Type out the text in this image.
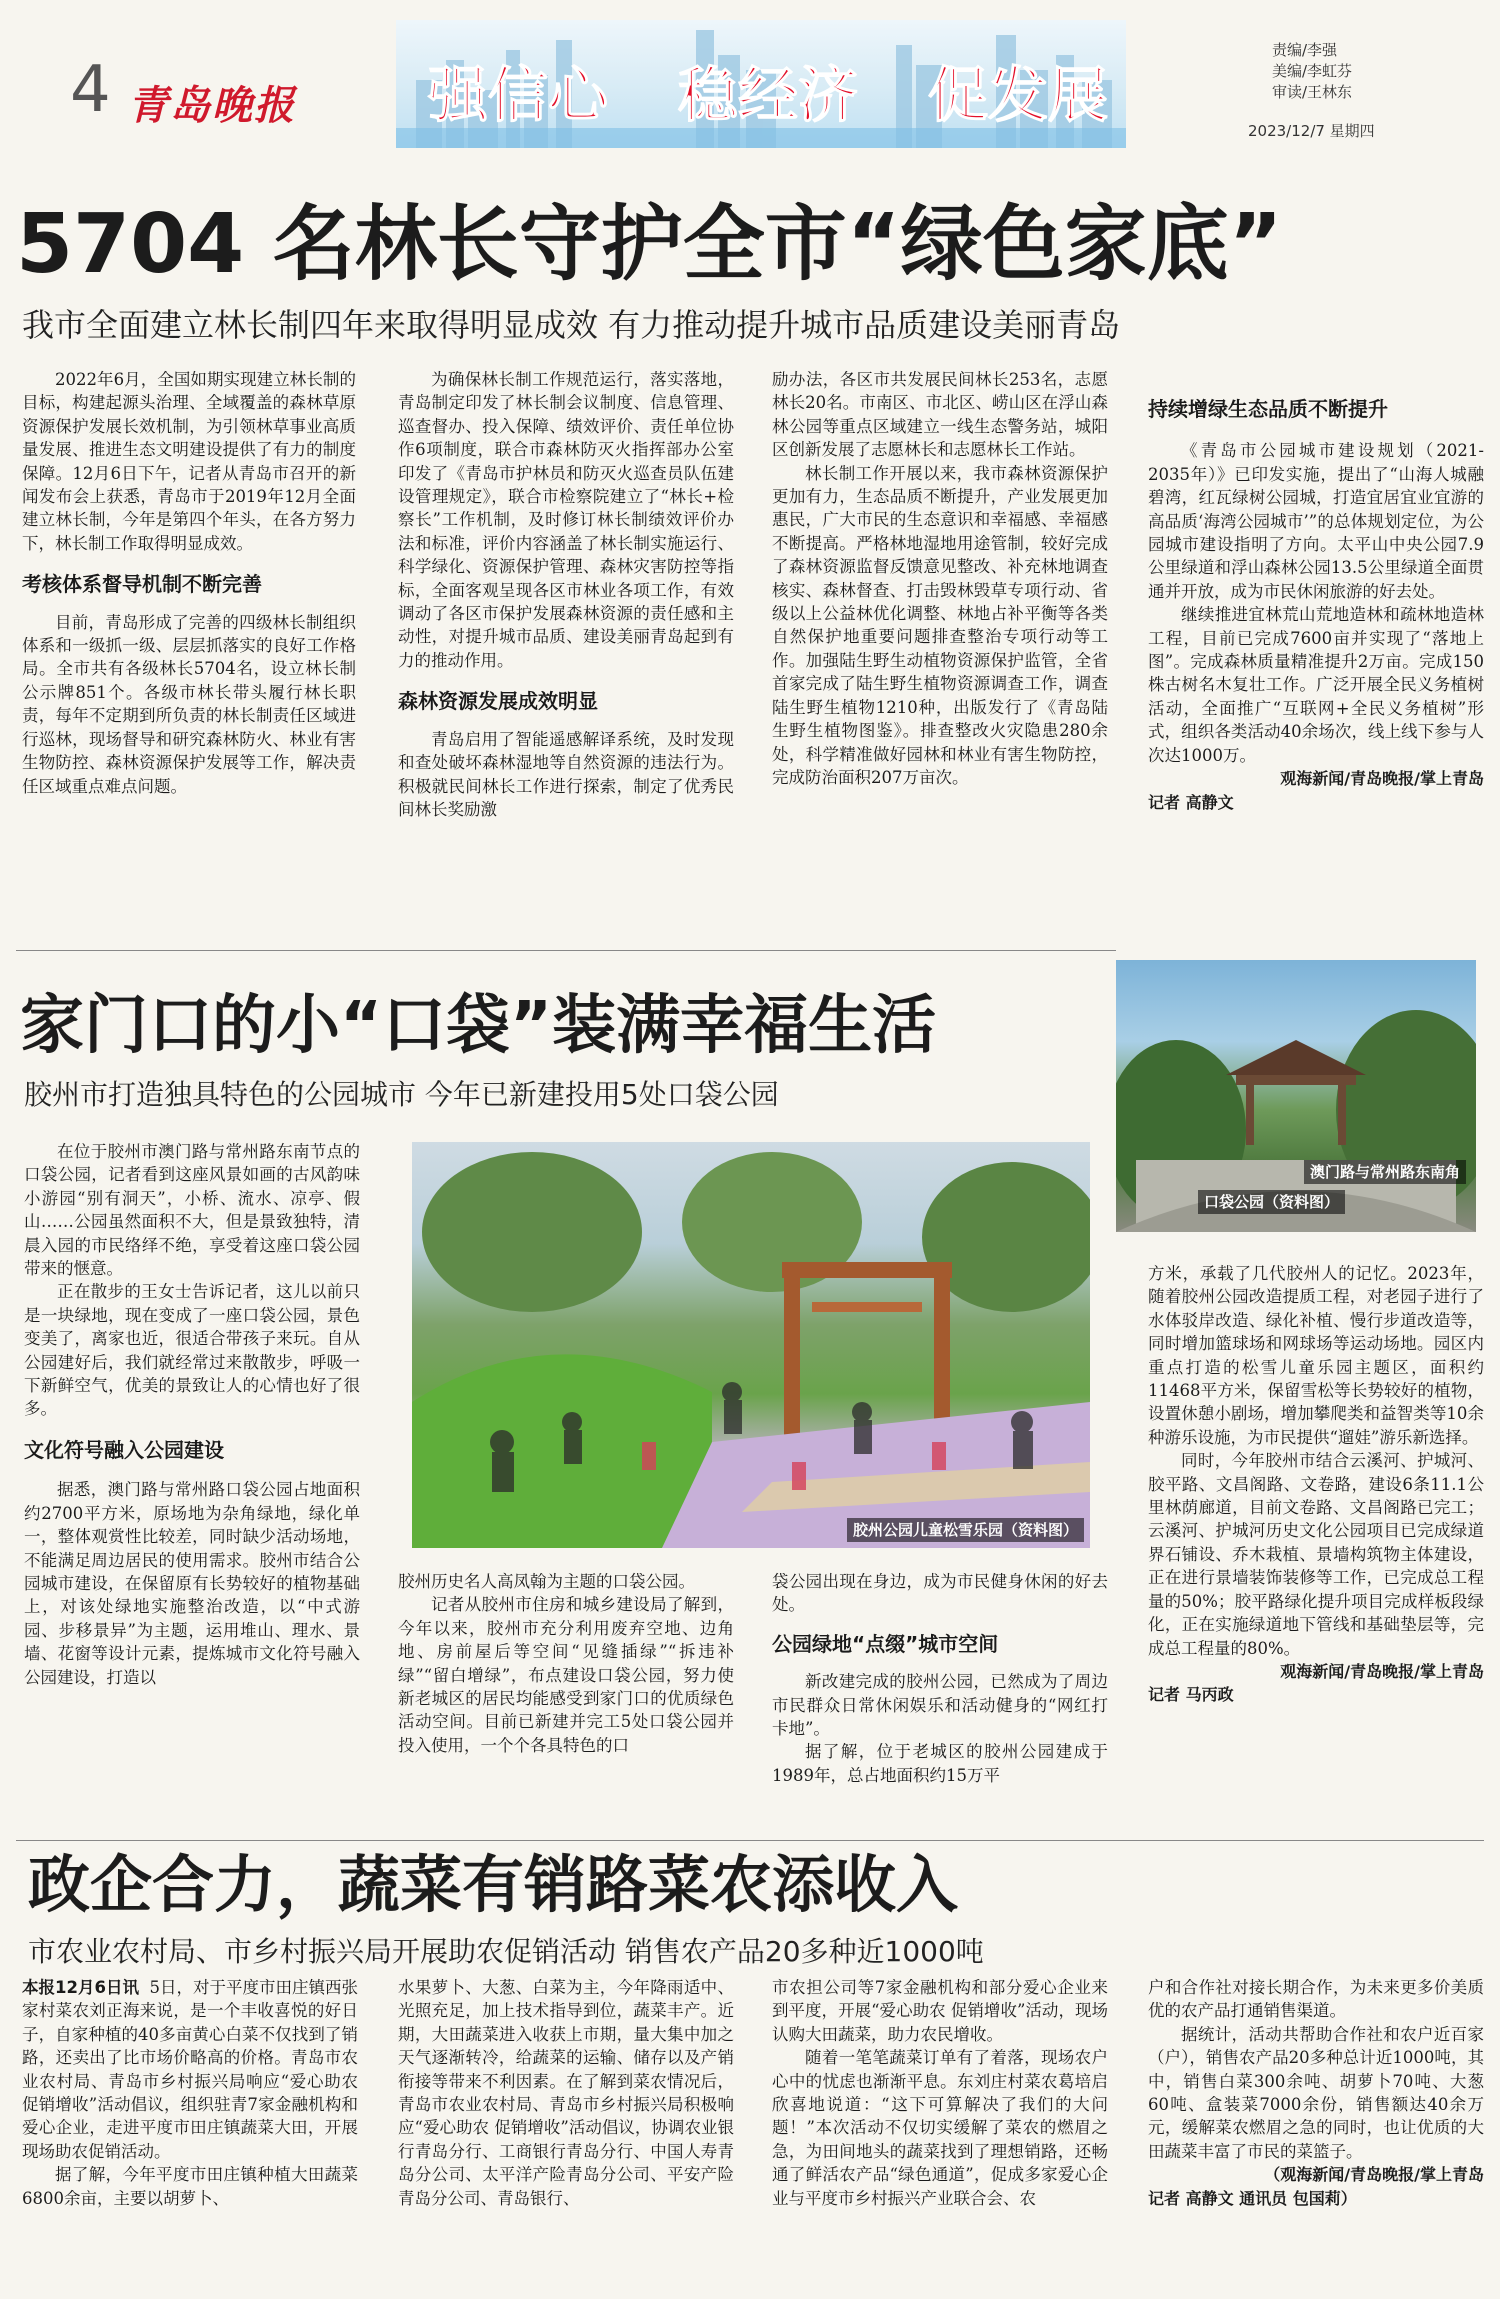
4 青岛晚报 强信心 稳经济 促发展
责编/李强
美编/李虹芬
审读/王林东
2023/12/7 星期四
5704 名林长守护全市“绿色家底”
我市全面建立林长制四年来取得明显成效 有力推动提升城市品质建设美丽青岛

2022年6月，全国如期实现建立林长制的目标，构建起源头治理、全域覆盖的森林草原资源保护发展长效机制，为引领林草事业高质量发展、推进生态文明建设提供了有力的制度保障。12月6日下午，记者从青岛市召开的新闻发布会上获悉，青岛市于2019年12月全面建立林长制，今年是第四个年头，在各方努力下，林长制工作取得明显成效。

考核体系督导机制不断完善

目前，青岛形成了完善的四级林长制组织体系和一级抓一级、层层抓落实的良好工作格局。全市共有各级林长5704名，设立林长制公示牌851个。各级市林长带头履行林长职责，每年不定期到所负责的林长制责任区域进行巡林，现场督导和研究森林防火、林业有害生物防控、森林资源保护发展等工作，解决责任区域重点难点问题。

为确保林长制工作规范运行，落实落地，青岛制定印发了林长制会议制度、信息管理、巡查督办、投入保障、绩效评价、责任单位协作6项制度，联合市森林防灭火指挥部办公室印发了《青岛市护林员和防灭火巡查员队伍建设管理规定》，联合市检察院建立了“林长+检察长”工作机制，及时修订林长制绩效评价办法和标准，评价内容涵盖了林长制实施运行、科学绿化、资源保护管理、森林灾害防控等指标，全面客观呈现各区市林业各项工作，有效调动了各区市保护发展森林资源的责任感和主动性，对提升城市品质、建设美丽青岛起到有力的推动作用。

森林资源发展成效明显

青岛启用了智能遥感解译系统，及时发现和查处破坏森林湿地等自然资源的违法行为。积极就民间林长工作进行探索，制定了优秀民间林长奖励激

励办法，各区市共发展民间林长253名，志愿林长20名。市南区、市北区、崂山区在浮山森林公园等重点区域建立一线生态警务站，城阳区创新发展了志愿林长和志愿林长工作站。

林长制工作开展以来，我市森林资源保护更加有力，生态品质不断提升，产业发展更加惠民，广大市民的生态意识和幸福感、幸福感不断提高。严格林地湿地用途管制，较好完成了森林资源监督反馈意见整改、补充林地调查核实、森林督查、打击毁林毁草专项行动、省级以上公益林优化调整、林地占补平衡等各类自然保护地重要问题排查整治专项行动等工作。加强陆生野生动植物资源保护监管，全省首家完成了陆生野生植物资源调查工作，调查陆生野生植物1210种，出版发行了《青岛陆生野生植物图鉴》。排查整改火灾隐患280余处，科学精准做好园林和林业有害生物防控，完成防治面积207万亩次。

持续增绿生态品质不断提升

《青岛市公园城市建设规划（2021-2035年）》已印发实施，提出了“山海人城融碧湾，红瓦绿树公园城，打造宜居宜业宜游的高品质‘海湾公园城市’”的总体规划定位，为公园城市建设指明了方向。太平山中央公园7.9公里绿道和浮山森林公园13.5公里绿道全面贯通并开放，成为市民休闲旅游的好去处。

继续推进宜林荒山荒地造林和疏林地造林工程，目前已完成7600亩并实现了“落地上图”。完成森林质量精准提升2万亩。完成150株古树名木复壮工作。广泛开展全民义务植树活动，全面推广“互联网+全民义务植树”形式，组织各类活动40余场次，线上线下参与人次达1000万。

观海新闻/青岛晚报/掌上青岛

记者 高静文

家门口的小“口袋”装满幸福生活
胶州市打造独具特色的公园城市 今年已新建投用5处口袋公园
澳门路与常州路东南角
口袋公园（资料图）
胶州公园儿童松雪乐园（资料图）

在位于胶州市澳门路与常州路东南节点的口袋公园，记者看到这座风景如画的古风韵味小游园“别有洞天”，小桥、流水、凉亭、假山……公园虽然面积不大，但是景致独特，清晨入园的市民络绎不绝，享受着这座口袋公园带来的惬意。

正在散步的王女士告诉记者，这儿以前只是一块绿地，现在变成了一座口袋公园，景色变美了，离家也近，很适合带孩子来玩。自从公园建好后，我们就经常过来散散步，呼吸一下新鲜空气，优美的景致让人的心情也好了很多。

文化符号融入公园建设

据悉，澳门路与常州路口袋公园占地面积约2700平方米，原场地为杂角绿地，绿化单一，整体观赏性比较差，同时缺少活动场地，不能满足周边居民的使用需求。胶州市结合公园城市建设，在保留原有长势较好的植物基础上，对该处绿地实施整治改造，以“中式游园、步移景异”为主题，运用堆山、理水、景墙、花窗等设计元素，提炼城市文化符号融入公园建设，打造以

胶州历史名人高凤翰为主题的口袋公园。

记者从胶州市住房和城乡建设局了解到，今年以来，胶州市充分利用废弃空地、边角地、房前屋后等空间“见缝插绿”“拆违补绿”“留白增绿”，布点建设口袋公园，努力使新老城区的居民均能感受到家门口的优质绿色活动空间。目前已新建并完工5处口袋公园并投入使用，一个个各具特色的口

袋公园出现在身边，成为市民健身休闲的好去处。

公园绿地“点缀”城市空间

新改建完成的胶州公园，已然成为了周边市民群众日常休闲娱乐和活动健身的“网红打卡地”。

据了解，位于老城区的胶州公园建成于1989年，总占地面积约15万平

方米，承载了几代胶州人的记忆。2023年，随着胶州公园改造提质工程，对老园子进行了水体驳岸改造、绿化补植、慢行步道改造等，同时增加篮球场和网球场等运动场地。园区内重点打造的松雪儿童乐园主题区，面积约11468平方米，保留雪松等长势较好的植物，设置休憩小剧场，增加攀爬类和益智类等10余种游乐设施，为市民提供“遛娃”游乐新选择。

同时，今年胶州市结合云溪河、护城河、胶平路、文昌阁路、文卷路，建设6条11.1公里林荫廊道，目前文卷路、文昌阁路已完工；云溪河、护城河历史文化公园项目已完成绿道界石铺设、乔木栽植、景墙构筑物主体建设，正在进行景墙装饰装修等工作，已完成总工程量的50%；胶平路绿化提升项目完成样板段绿化，正在实施绿道地下管线和基础垫层等，完成总工程量的80%。

观海新闻/青岛晚报/掌上青岛

记者 马丙政

政企合力，蔬菜有销路菜农添收入
市农业农村局、市乡村振兴局开展助农促销活动 销售农产品20多种近1000吨

本报12月6日讯 5日，对于平度市田庄镇西张家村菜农刘正海来说，是一个丰收喜悦的好日子，自家种植的40多亩黄心白菜不仅找到了销路，还卖出了比市场价略高的价格。青岛市农业农村局、青岛市乡村振兴局响应“爱心助农 促销增收”活动倡议，组织驻青7家金融机构和爱心企业，走进平度市田庄镇蔬菜大田，开展现场助农促销活动。

据了解，今年平度市田庄镇种植大田蔬菜6800余亩，主要以胡萝卜、

水果萝卜、大葱、白菜为主，今年降雨适中、光照充足，加上技术指导到位，蔬菜丰产。近期，大田蔬菜进入收获上市期，量大集中加之天气逐渐转冷，给蔬菜的运输、储存以及产销衔接等带来不利因素。在了解到菜农情况后，青岛市农业农村局、青岛市乡村振兴局积极响应“爱心助农 促销增收”活动倡议，协调农业银行青岛分行、工商银行青岛分行、中国人寿青岛分公司、太平洋产险青岛分公司、平安产险青岛分公司、青岛银行、

市农担公司等7家金融机构和部分爱心企业来到平度，开展“爱心助农 促销增收”活动，现场认购大田蔬菜，助力农民增收。

随着一笔笔蔬菜订单有了着落，现场农户心中的忧虑也渐渐平息。东刘庄村菜农葛培启欣喜地说道：“这下可算解决了我们的大问题！”本次活动不仅切实缓解了菜农的燃眉之急，为田间地头的蔬菜找到了理想销路，还畅通了鲜活农产品“绿色通道”，促成多家爱心企业与平度市乡村振兴产业联合会、农

户和合作社对接长期合作，为未来更多价美质优的农产品打通销售渠道。

据统计，活动共帮助合作社和农户近百家（户），销售农产品20多种总计近1000吨，其中，销售白菜300余吨、胡萝卜70吨、大葱60吨、盒装菜7000余份，销售额达40余万元，缓解菜农燃眉之急的同时，也让优质的大田蔬菜丰富了市民的菜篮子。

（观海新闻/青岛晚报/掌上青岛

记者 高静文 通讯员 包国莉）
